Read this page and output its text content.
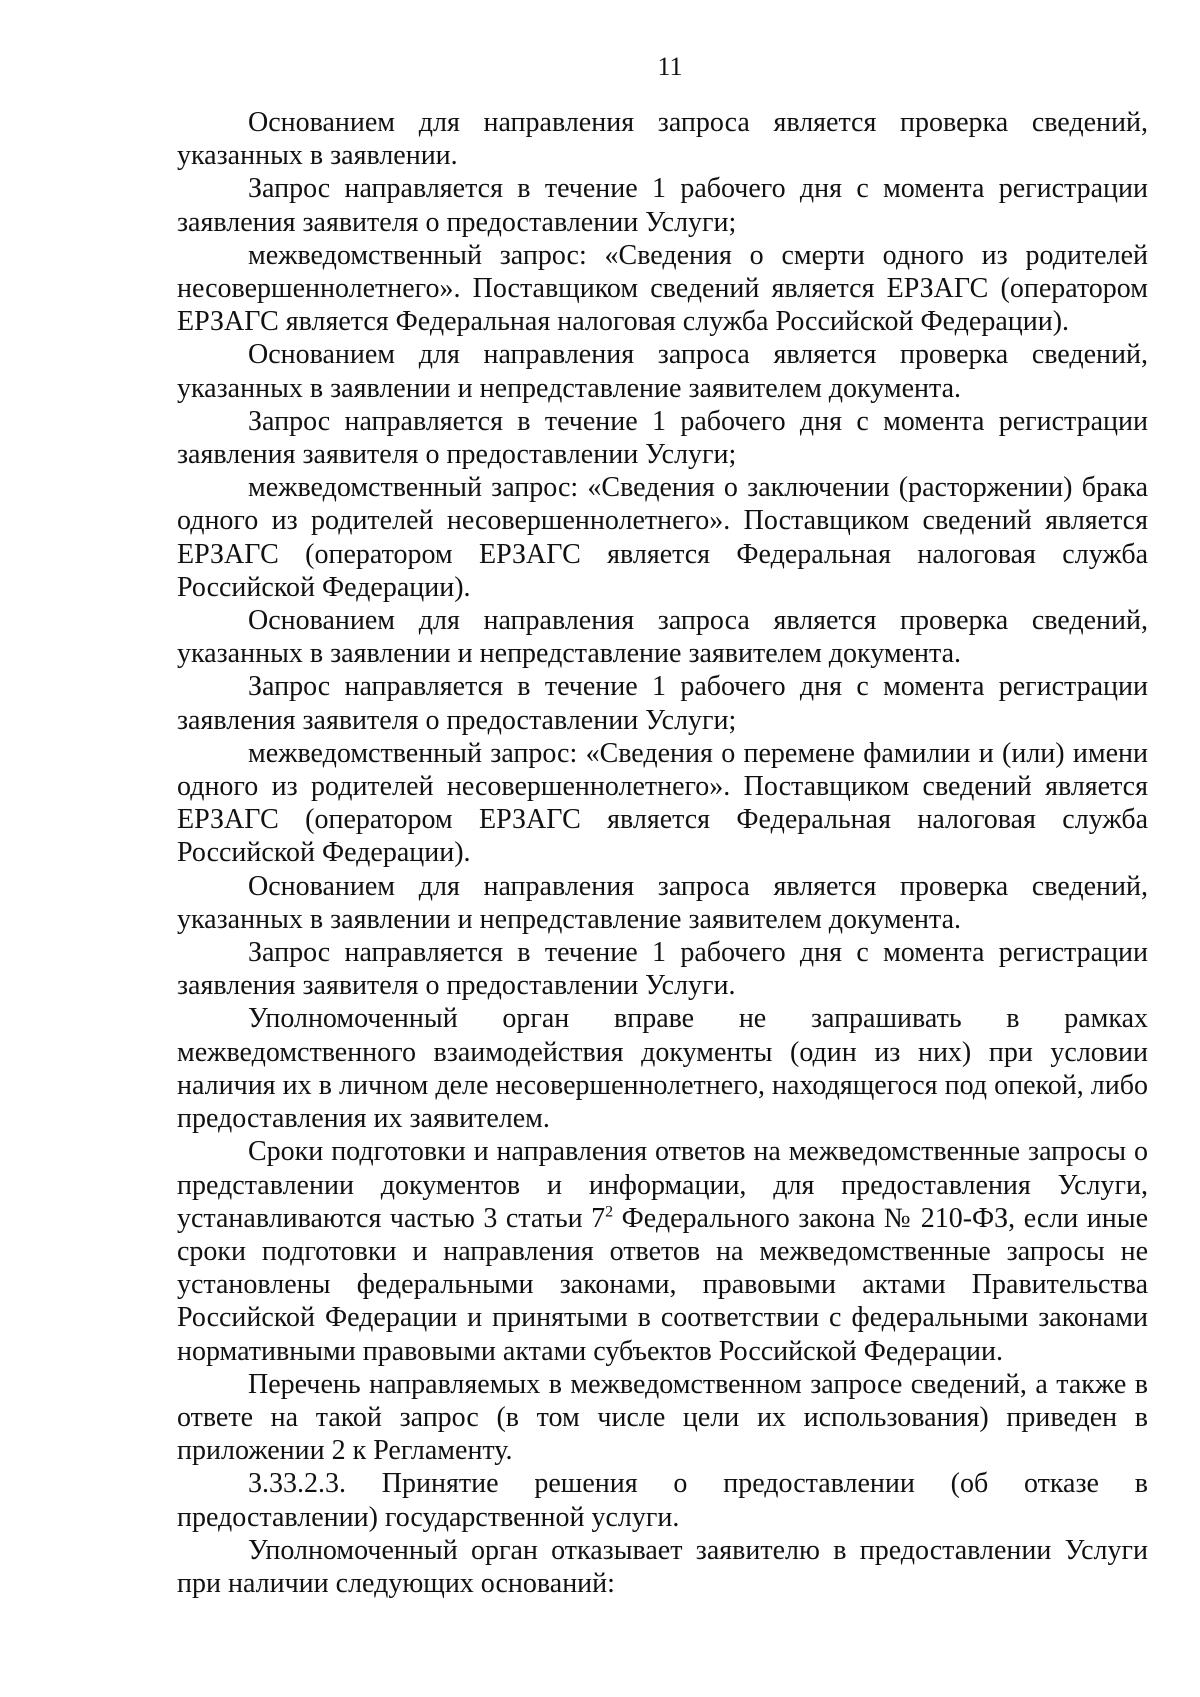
11

Основанием для направления запроса является проверка сведений, указанных в заявлении.

Запрос направляется в течение 1 рабочего дня с момента регистрации заявления заявителя о предоставлении Услуги;

межведомственный запрос: «Сведения о смерти одного из родителей несовершеннолетнего». Поставщиком сведений является ЕРЗАГС (оператором ЕРЗАГС является Федеральная налоговая служба Российской Федерации).

Основанием для направления запроса является проверка сведений, указанных в заявлении и непредставление заявителем документа.

Запрос направляется в течение 1 рабочего дня с момента регистрации заявления заявителя о предоставлении Услуги;

межведомственный запрос: «Сведения о заключении (расторжении) брака одного из родителей несовершеннолетнего». Поставщиком сведений является ЕРЗАГС (оператором ЕРЗАГС является Федеральная налоговая служба Российской Федерации).

Основанием для направления запроса является проверка сведений, указанных в заявлении и непредставление заявителем документа.

Запрос направляется в течение 1 рабочего дня с момента регистрации заявления заявителя о предоставлении Услуги;

межведомственный запрос: «Сведения о перемене фамилии и (или) имени одного из родителей несовершеннолетнего». Поставщиком сведений является ЕРЗАГС (оператором ЕРЗАГС является Федеральная налоговая служба Российской Федерации).

Основанием для направления запроса является проверка сведений, указанных в заявлении и непредставление заявителем документа.

Запрос направляется в течение 1 рабочего дня с момента регистрации заявления заявителя о предоставлении Услуги.

Уполномоченный орган вправе не запрашивать в рамках межведомственного взаимодействия документы (один из них) при условии наличия их в личном деле несовершеннолетнего, находящегося под опекой, либо предоставления их заявителем.

Сроки подготовки и направления ответов на межведомственные запросы о представлении документов и информации, для предоставления Услуги, устанавливаются частью 3 статьи $7^2$ Федерального закона № 210-ФЗ, если иные сроки подготовки и направления ответов на межведомственные запросы не установлены федеральными законами, правовыми актами Правительства Российской Федерации и принятыми в соответствии с федеральными законами нормативными правовыми актами субъектов Российской Федерации.

Перечень направляемых в межведомственном запросе сведений, а также в ответе на такой запрос (в том числе цели их использования) приведен в приложении 2 к Регламенту.

3.33.2.3. Принятие решения о предоставлении (об отказе в предоставлении) государственной услуги.

Уполномоченный орган отказывает заявителю в предоставлении Услуги при наличии следующих оснований:
